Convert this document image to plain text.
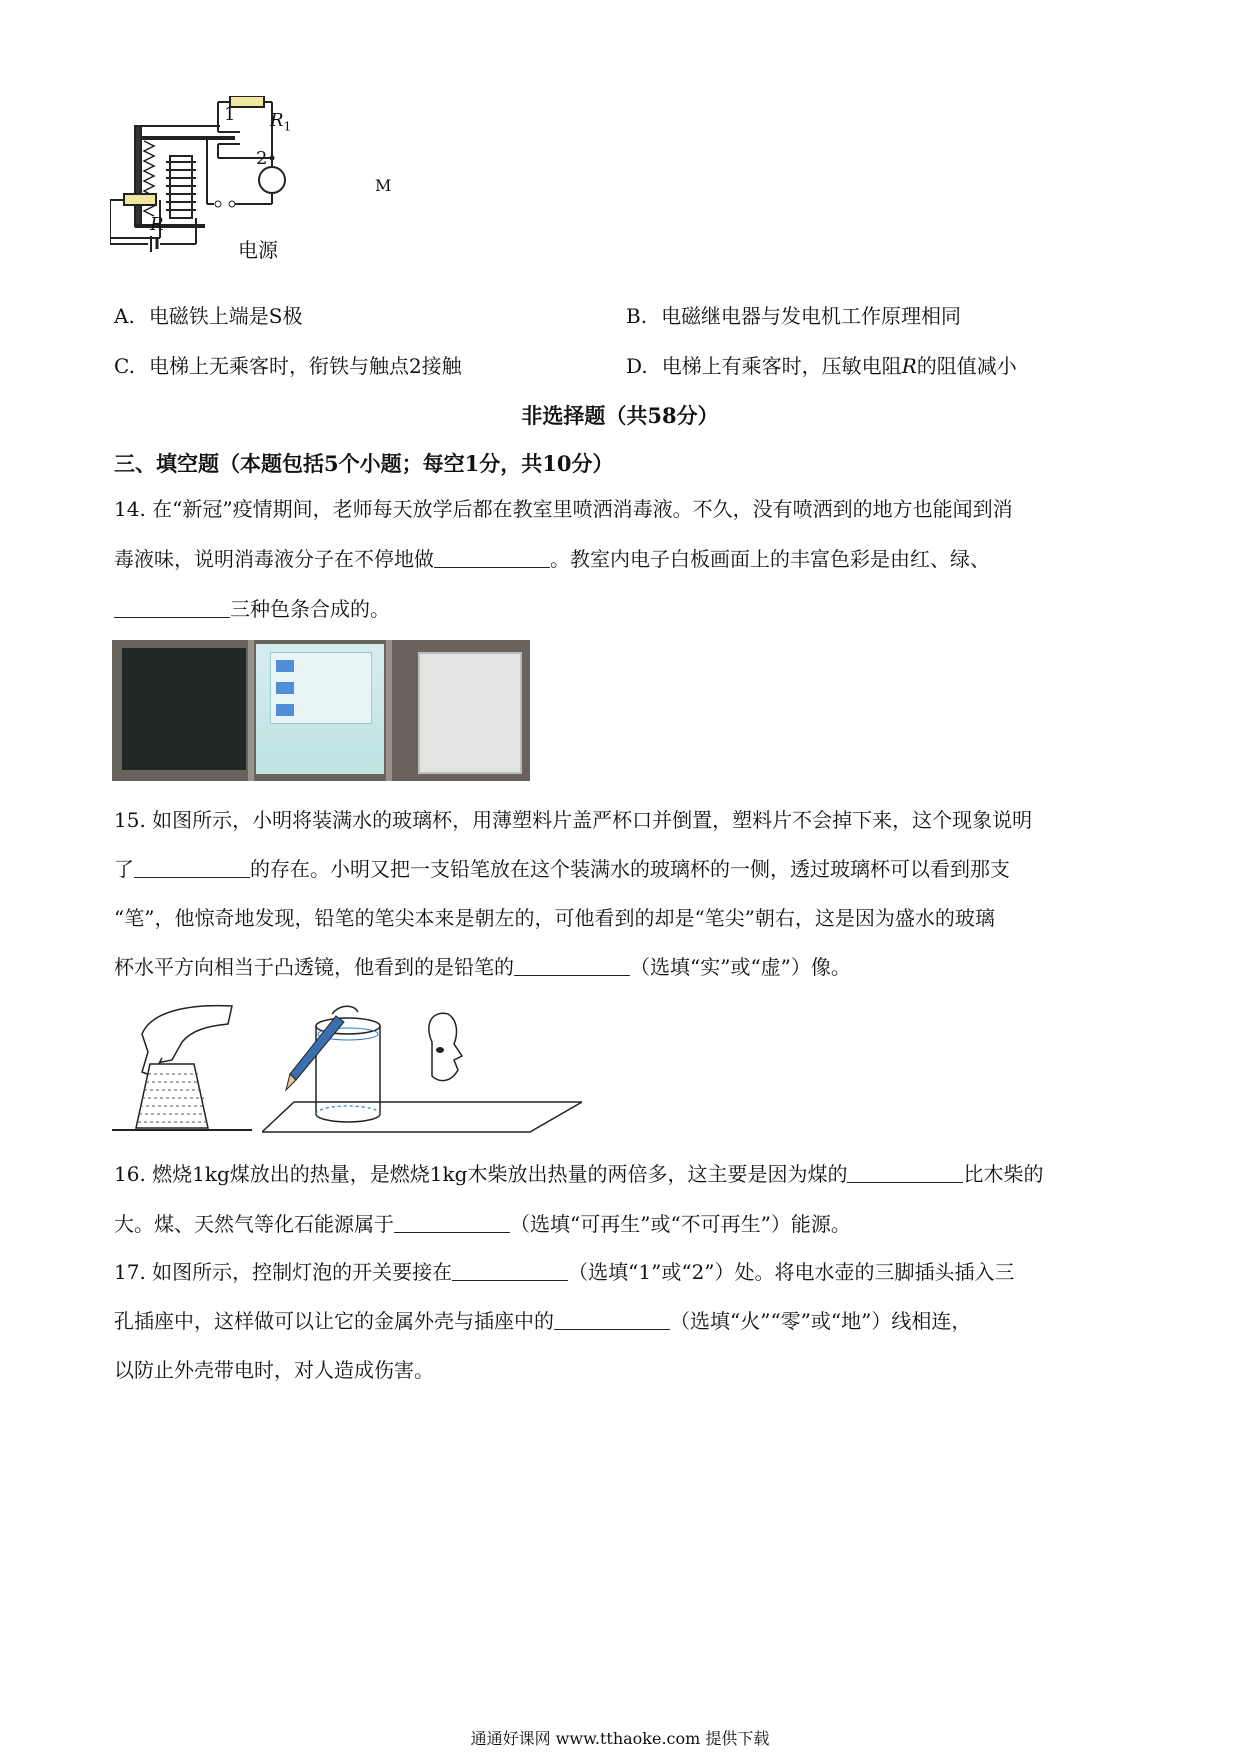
1
2
$R_1$
R
M
电源
A. 电磁铁上端是S极	B. 电磁继电器与发电机工作原理相同
C. 电梯上无乘客时，衔铁与触点2接触	D. 电梯上有乘客时，压敏电阻R的阻值减小
非选择题（共58分）
三、填空题（本题包括5个小题；每空1分，共10分）
14. 在“新冠”疫情期间，老师每天放学后都在教室里喷洒消毒液。不久，没有喷洒到的地方也能闻到消
毒液味，说明消毒液分子在不停地做	。教室内电子白板画面上的丰富色彩是由红、绿、
三种色条合成的。
15. 如图所示，小明将装满水的玻璃杯，用薄塑料片盖严杯口并倒置，塑料片不会掉下来，这个现象说明
了	的存在。小明又把一支铅笔放在这个装满水的玻璃杯的一侧，透过玻璃杯可以看到那支
“笔”，他惊奇地发现，铅笔的笔尖本来是朝左的，可他看到的却是“笔尖”朝右，这是因为盛水的玻璃
杯水平方向相当于凸透镜，他看到的是铅笔的	（选填“实”或“虚”）像。
16. 燃烧1kg煤放出的热量，是燃烧1kg木柴放出热量的两倍多，这主要是因为煤的	比木柴的
大。煤、天然气等化石能源属于	（选填“可再生”或“不可再生”）能源。
17. 如图所示，控制灯泡的开关要接在	（选填“1”或“2”）处。将电水壶的三脚插头插入三
孔插座中，这样做可以让它的金属外壳与插座中的	（选填“火”“零”或“地”）线相连，
以防止外壳带电时，对人造成伤害。
通通好课网 www.tthaoke.com 提供下载
